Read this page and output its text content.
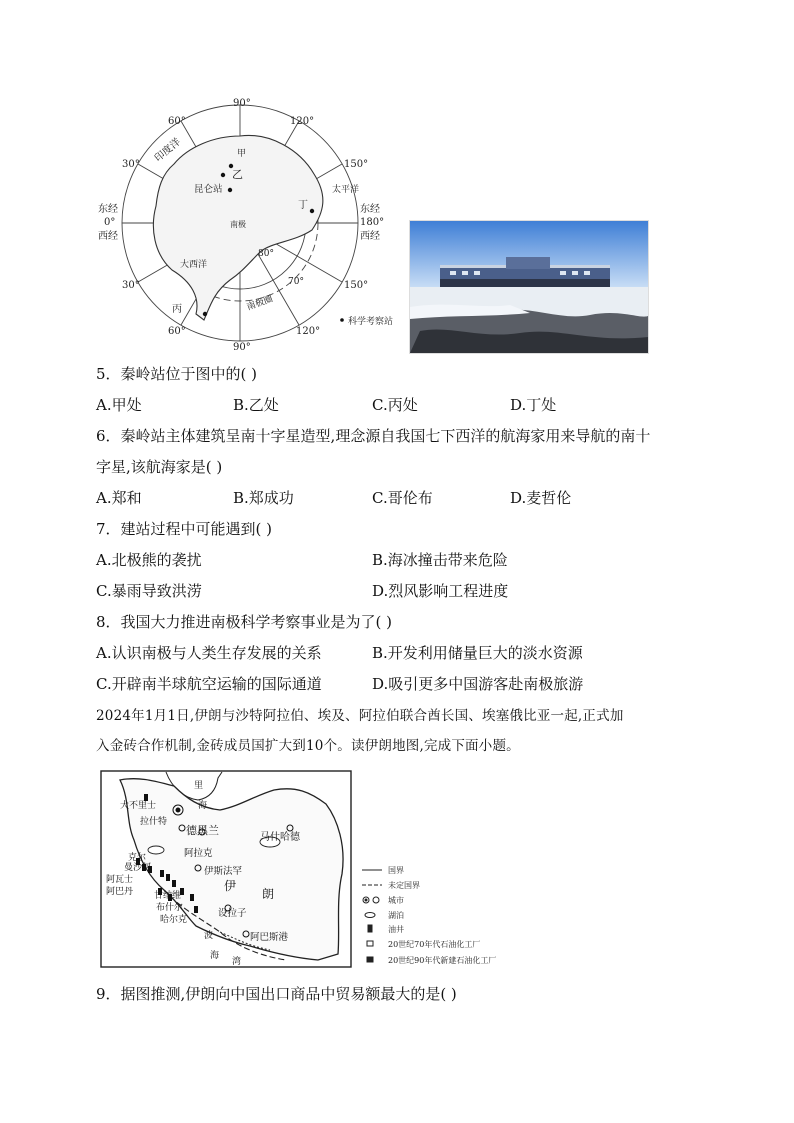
90°
60°	120°
30°	150°
东经
0°
西经
东经
180°
西经
30°	150°
60°	120°
90°
印度洋
太平洋
大西洋
甲
乙
昆仑站
丁
丙
南极
80°
70°
南极圈
科学考察站
5．秦岭站位于图中的( )
A.甲处	B.乙处	C.丙处	D.丁处
6．秦岭站主体建筑呈南十字星造型,理念源自我国七下西洋的航海家用来导航的南十
字星,该航海家是( )
A.郑和	B.郑成功	C.哥伦布	D.麦哲伦
7．建站过程中可能遇到( )
A.北极熊的袭扰	B.海冰撞击带来危险
C.暴雨导致洪涝	D.烈风影响工程进度
8．我国大力推进南极科学考察事业是为了( )
A.认识南极与人类生存发展的关系	B.开发利用储量巨大的淡水资源
C.开辟南半球航空运输的国际通道	D.吸引更多中国游客赴南极旅游
2024年1月1日,伊朗与沙特阿拉伯、埃及、阿拉伯联合酋长国、埃塞俄比亚一起,正式加
入金砖合作机制,金砖成员国扩大到10个。读伊朗地图,完成下面小题。
里
海
大不里士
拉什特
德黑兰
马什哈德
阿拉克
克尔
曼沙阿	伊斯法罕
阿瓦士
阿巴丹	伊
朗
甘纳维
布什尔
哈尔克
设拉子
阿巴斯港
波
海
湾
国界
未定国界
城市
湖泊
油井
20世纪70年代石油化工厂
20世纪90年代新建石油化工厂
9．据图推测,伊朗向中国出口商品中贸易额最大的是( )
